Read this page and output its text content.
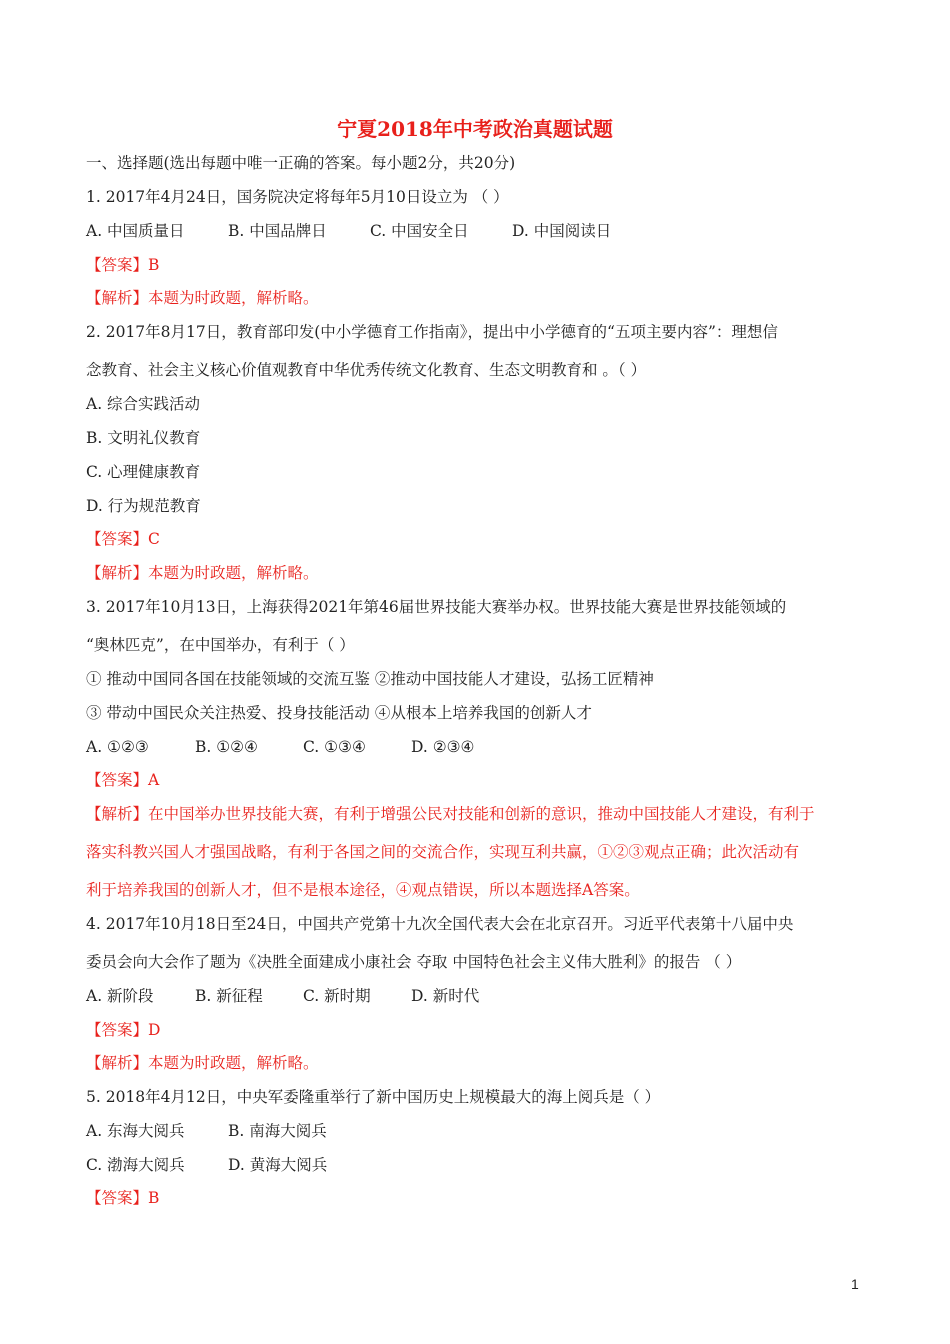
宁夏2018年中考政治真题试题
一、选择题(选出每题中唯一正确的答案。每小题2分，共20分)
1. 2017年4月24日，国务院决定将每年5月10日设立为 （ ）
A. 中国质量日	B. 中国品牌日	C. 中国安全日	D. 中国阅读日
【答案】B
【解析】本题为时政题，解析略。
2. 2017年8月17日，教育部印发(中小学德育工作指南》，提出中小学德育的“五项主要内容”：理想信
念教育、社会主义核心价值观教育中华优秀传统文化教育、生态文明教育和 。（ ）
A. 综合实践活动
B. 文明礼仪教育
C. 心理健康教育
D. 行为规范教育
【答案】C
【解析】本题为时政题，解析略。
3. 2017年10月13日，上海获得2021年第46届世界技能大赛举办权。世界技能大赛是世界技能领域的
“奥林匹克”，在中国举办，有利于（ ）
① 推动中国同各国在技能领域的交流互鉴 ②推动中国技能人才建设，弘扬工匠精神
③ 带动中国民众关注热爱、投身技能活动 ④从根本上培养我国的创新人才
A. ①②③	B. ①②④	C. ①③④	D. ②③④
【答案】A
【解析】在中国举办世界技能大赛，有利于增强公民对技能和创新的意识，推动中国技能人才建设，有利于
落实科教兴国人才强国战略，有利于各国之间的交流合作，实现互利共赢，①②③观点正确；此次活动有
利于培养我国的创新人才，但不是根本途径，④观点错误，所以本题选择A答案。
4. 2017年10月18日至24日，中国共产党第十九次全国代表大会在北京召开。习近平代表第十八届中央
委员会向大会作了题为《决胜全面建成小康社会 夺取 中国特色社会主义伟大胜利》的报告 （ ）
A. 新阶段	B. 新征程	C. 新时期	D. 新时代
【答案】D
【解析】本题为时政题，解析略。
5. 2018年4月12日，中央军委隆重举行了新中国历史上规模最大的海上阅兵是（ ）
A. 东海大阅兵	B. 南海大阅兵
C. 渤海大阅兵	D. 黄海大阅兵
【答案】B
1
